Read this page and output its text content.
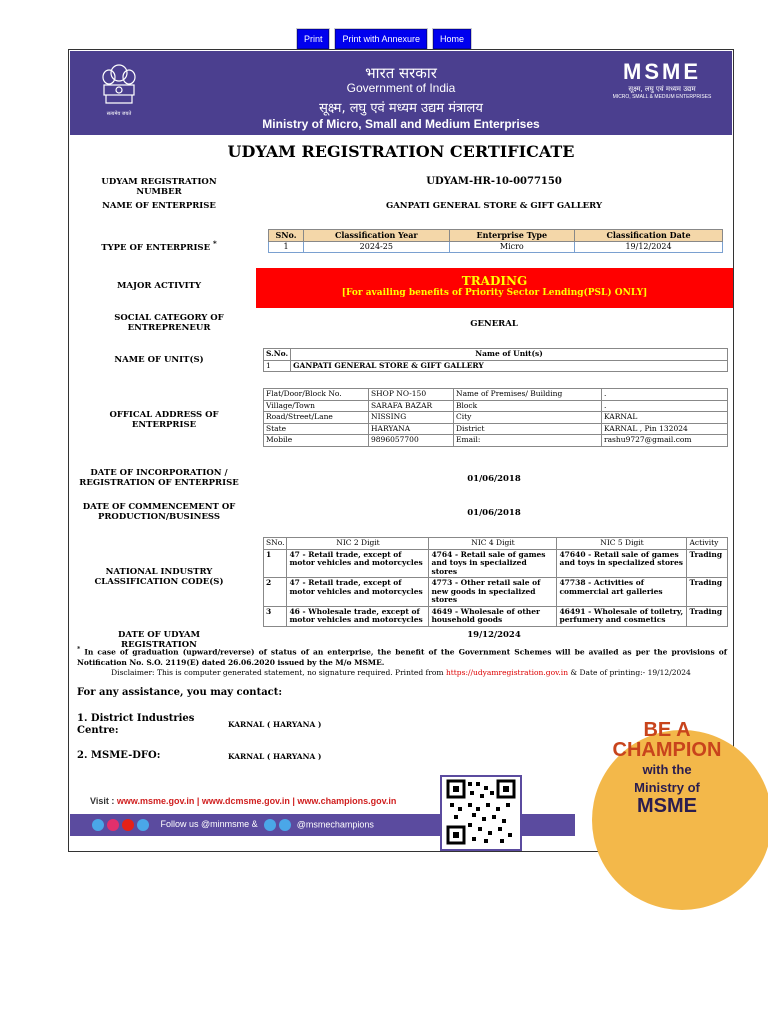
Print Print with Annexure Home
सत्यमेव जयते
भारत सरकार
Government of India
सूक्ष्म, लघु एवं मध्यम उद्यम मंत्रालय
Ministry of Micro, Small and Medium Enterprises
MSME
सूक्ष्म, लघु एवं मध्यम उद्यम
MICRO, SMALL & MEDIUM ENTERPRISES
UDYAM REGISTRATION CERTIFICATE
UDYAM REGISTRATION NUMBER
UDYAM-HR-10-0077150
NAME OF ENTERPRISE	GANPATI GENERAL STORE & GIFT GALLERY
TYPE OF ENTERPRISE *
SNo.	Classification Year	Enterprise Type	Classification Date
1	2024-25	Micro	19/12/2024
MAJOR ACTIVITY	TRADING
[For availing benefits of Priority Sector Lending(PSL) ONLY]
SOCIAL CATEGORY OF ENTREPRENEUR	GENERAL
NAME OF UNIT(S)
S.No.	Name of Unit(s)
1	GANPATI GENERAL STORE & GIFT GALLERY
OFFICAL ADDRESS OF ENTERPRISE
Flat/Door/Block No.	SHOP NO-150	Name of Premises/ Building	.
Village/Town	SARAFA BAZAR	Block	.
Road/Street/Lane	NISSING	City	KARNAL
State	HARYANA	District	KARNAL , Pin 132024
Mobile	9896057700	Email:	rashu9727@gmail.com
DATE OF INCORPORATION / REGISTRATION OF ENTERPRISE	01/06/2018
DATE OF COMMENCEMENT OF PRODUCTION/BUSINESS	01/06/2018
NATIONAL INDUSTRY CLASSIFICATION CODE(S)
SNo.	NIC 2 Digit	NIC 4 Digit	NIC 5 Digit	Activity
1	47 - Retail trade, except of motor vehicles and motorcycles	4764 - Retail sale of games and toys in specialized stores	47640 - Retail sale of games and toys in specialized stores	Trading
2	47 - Retail trade, except of motor vehicles and motorcycles	4773 - Other retail sale of new goods in specialized stores	47738 - Activities of commercial art galleries	Trading
3	46 - Wholesale trade, except of motor vehicles and motorcycles	4649 - Wholesale of other household goods	46491 - Wholesale of toiletry, perfumery and cosmetics	Trading
DATE OF UDYAM REGISTRATION
19/12/2024
* In case of graduation (upward/reverse) of status of an enterprise, the benefit of the Government Schemes will be availed as per the provisions of Notification No. S.O. 2119(E) dated 26.06.2020 issued by the M/o MSME.
Disclaimer: This is computer generated statement, no signature required. Printed from https://udyamregistration.gov.in & Date of printing:- 19/12/2024
For any assistance, you may contact:
1. District Industries Centre:
KARNAL ( HARYANA )
2. MSME-DFO:	KARNAL ( HARYANA )
BE A
CHAMPION
with the
Ministry of
MSME
Visit : www.msme.gov.in | www.dcmsme.gov.in | www.champions.gov.in
Follow us @minmsme &	@msmechampions
